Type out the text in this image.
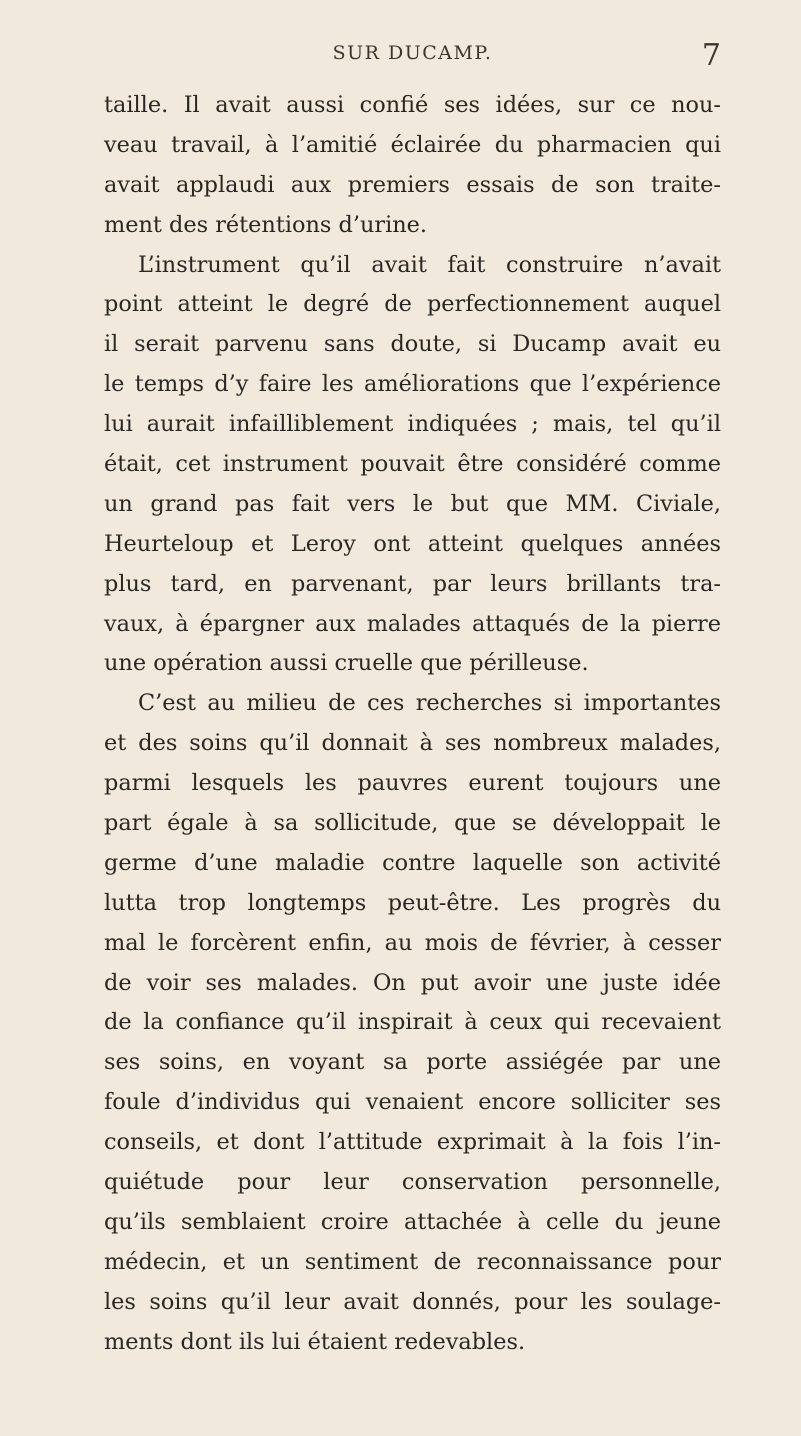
SUR DUCAMP.	7
taille. Il avait aussi confié ses idées, sur ce nou-
veau travail, à l’amitié éclairée du pharmacien qui
avait applaudi aux premiers essais de son traite-
ment des rétentions d’urine.
L’instrument qu’il avait fait construire n’avait
point atteint le degré de perfectionnement auquel
il serait parvenu sans doute, si Ducamp avait eu
le temps d’y faire les améliorations que l’expérience
lui aurait infailliblement indiquées ; mais, tel qu’il
était, cet instrument pouvait être considéré comme
un grand pas fait vers le but que MM. Civiale,
Heurteloup et Leroy ont atteint quelques années
plus tard, en parvenant, par leurs brillants tra-
vaux, à épargner aux malades attaqués de la pierre
une opération aussi cruelle que périlleuse.
C’est au milieu de ces recherches si importantes
et des soins qu’il donnait à ses nombreux malades,
parmi lesquels les pauvres eurent toujours une
part égale à sa sollicitude, que se développait le
germe d’une maladie contre laquelle son activité
lutta trop longtemps peut-être. Les progrès du
mal le forcèrent enfin, au mois de février, à cesser
de voir ses malades. On put avoir une juste idée
de la confiance qu’il inspirait à ceux qui recevaient
ses soins, en voyant sa porte assiégée par une
foule d’individus qui venaient encore solliciter ses
conseils, et dont l’attitude exprimait à la fois l’in-
quiétude pour leur conservation personnelle,
qu’ils semblaient croire attachée à celle du jeune
médecin, et un sentiment de reconnaissance pour
les soins qu’il leur avait donnés, pour les soulage-
ments dont ils lui étaient redevables.
